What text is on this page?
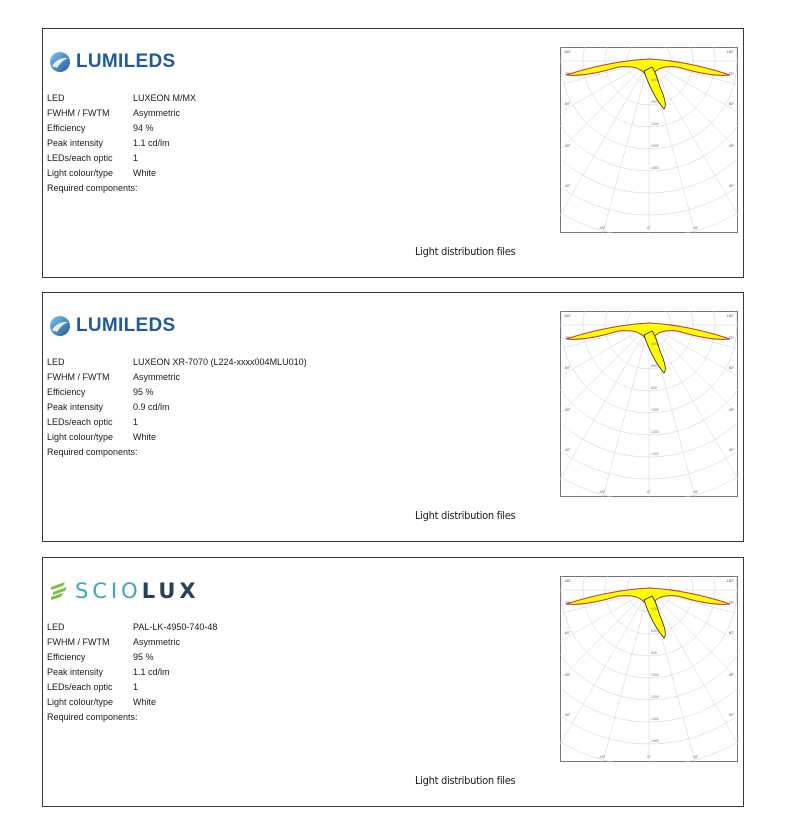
LUMILEDS
LED	LUXEON M/MX
FWHM / FWTM	Asymmetric
Efficiency	94 %
Peak intensity	1.1 cd/lm
LEDs/each optic	1
Light colour/type	White
Required components:
600
900
1200
1500
1800
180°	180°
-75°	75°
-60°	60°
-45°	45°
-30°	30°
-15°	0°	15°
Light distribution files
LUMILEDS
LED	LUXEON XR-7070 (L224-xxxx004MLU010)
FWHM / FWTM	Asymmetric
Efficiency	95 %
Peak intensity	0.9 cd/lm
LEDs/each optic	1
Light colour/type	White
Required components:
400
600
800
1000
1200
1400
180°	180°
-75°	75°
-60°	60°
-45°	45°
-30°	30°
-15°	0°	15°
Light distribution files
SCIOLUX
LED	PAL-LK-4950-740-48
FWHM / FWTM	Asymmetric
Efficiency	95 %
Peak intensity	1.1 cd/lm
LEDs/each optic	1
Light colour/type	White
Required components:
400
600
800
1000
1200
1400
1600
180°	180°
-75°	75°
-60°	60°
-45°	45°
-30°	30°
-15°	0°	15°
Light distribution files
